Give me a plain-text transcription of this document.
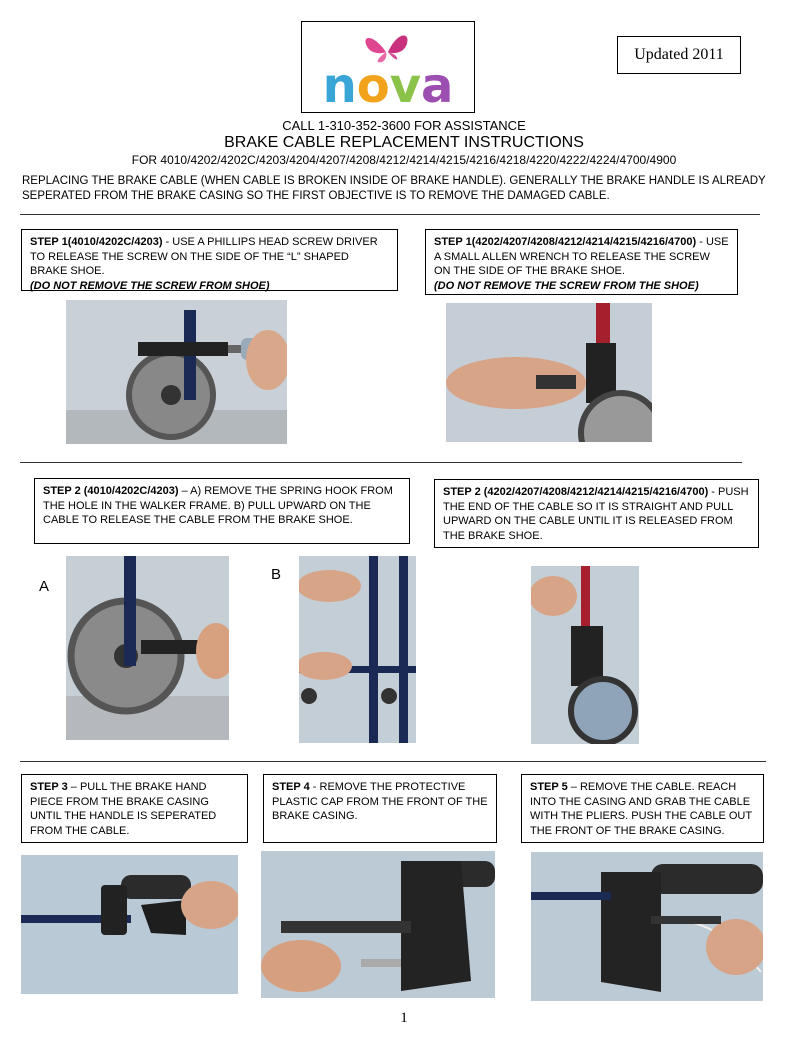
nova
Updated 2011
CALL 1-310-352-3600 FOR ASSISTANCE
BRAKE CABLE REPLACEMENT INSTRUCTIONS
FOR 4010/4202/4202C/4203/4204/4207/4208/4212/4214/4215/4216/4218/4220/4222/4224/4700/4900
REPLACING THE BRAKE CABLE (WHEN CABLE IS BROKEN INSIDE OF BRAKE HANDLE). GENERALLY THE BRAKE HANDLE IS ALREADY SEPERATED FROM THE BRAKE CASING SO THE FIRST OBJECTIVE IS TO REMOVE THE DAMAGED CABLE.
STEP 1(4010/4202C/4203) - USE A PHILLIPS HEAD SCREW DRIVER TO RELEASE THE SCREW ON THE SIDE OF THE “L” SHAPED BRAKE SHOE.
(DO NOT REMOVE THE SCREW FROM SHOE)
STEP 1(4202/4207/4208/4212/4214/4215/4216/4700) - USE A SMALL ALLEN WRENCH TO RELEASE THE SCREW ON THE SIDE OF THE BRAKE SHOE.
(DO NOT REMOVE THE SCREW FROM THE SHOE)
STEP 2 (4010/4202C/4203) – A) REMOVE THE SPRING HOOK FROM THE HOLE IN THE WALKER FRAME. B) PULL UPWARD ON THE CABLE TO RELEASE THE CABLE FROM THE BRAKE SHOE.
STEP 2 (4202/4207/4208/4212/4214/4215/4216/4700) - PUSH THE END OF THE CABLE SO IT IS STRAIGHT AND PULL UPWARD ON THE CABLE UNTIL IT IS RELEASED FROM THE BRAKE SHOE.
A
B
STEP 3 – PULL THE BRAKE HAND PIECE FROM THE BRAKE CASING UNTIL THE HANDLE IS SEPERATED FROM THE CABLE.
STEP 4 - REMOVE THE PROTECTIVE PLASTIC CAP FROM THE FRONT OF THE BRAKE CASING.
STEP 5 – REMOVE THE CABLE. REACH INTO THE CASING AND GRAB THE CABLE WITH THE PLIERS. PUSH THE CABLE OUT THE FRONT OF THE BRAKE CASING.
1
